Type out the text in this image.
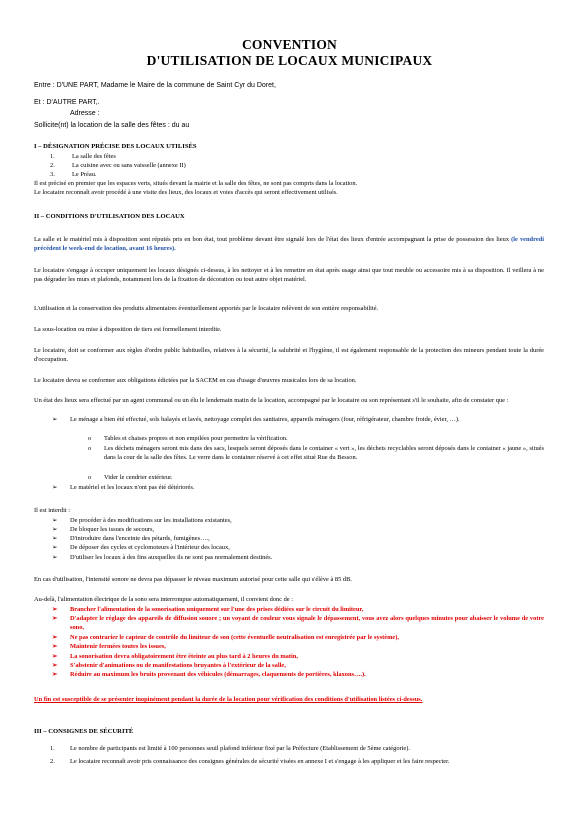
CONVENTION
D'UTILISATION DE LOCAUX MUNICIPAUX
Entre : D'UNE PART, Madame le Maire de la commune de Saint Cyr du Doret,
Et : D'AUTRE PART,.
Adresse :
Sollicite(nt) la location de la salle des fêtes : du au
I – DÉSIGNATION PRÉCISE DES LOCAUX UTILISÉS
1.	La salle des fêtes
2.	La cuisine avec ou sans vaisselle (annexe II)
3.	Le Préau.
Il est précisé en premier que les espaces verts, situés devant la mairie et la salle des fêtes, ne sont pas compris dans la location.
Le locataire reconnaît avoir procédé à une visite des lieux, des locaux et voies d'accès qui seront effectivement utilisés.
II – CONDITIONS D'UTILISATION DES LOCAUX
La salle et le matériel mis à disposition sont réputés pris en bon état, tout problème devant être signalé lors de l'état des lieux d'entrée accompagnant la prise de possession des lieux (le vendredi précédent le week-end de location, avant 16 heures).
Le locataire s'engage à occuper uniquement les locaux désignés ci-dessus, à les nettoyer et à les remettre en état après usage ainsi que tout meuble ou accessoire mis à sa disposition. Il veillera à ne pas dégrader les murs et plafonds, notamment lors de la fixation de décoration ou tout autre objet matériel.
L'utilisation et la conservation des produits alimentaires éventuellement apportés par le locataire relèvent de son entière responsabilité.
La sous-location ou mise à disposition de tiers est formellement interdite.
Le locataire, doit se conformer aux règles d'ordre public habituelles, relatives à la sécurité, la salubrité et l'hygiène, il est également responsable de la protection des mineurs pendant toute la durée d'occupation.
Le locataire devra se conformer aux obligations édictées par la SACEM en cas d'usage d'œuvres musicales lors de sa location.
Un état des lieux sera effectué par un agent communal ou un élu le lendemain matin de la location, accompagné par le locataire ou son représentant s'il le souhaite, afin de constater que :
➢ Le ménage a bien été effectué, sols balayés et lavés, nettoyage complet des sanitaires, appareils ménagers (four, réfrigérateur, chambre froide, évier, …).
o Tables et chaises propres et non empilées pour permettre la vérification.
o Les déchets ménagers seront mis dans des sacs, lesquels seront déposés dans le container « vert », les déchets recyclables seront déposés dans le container « jaune », situés dans la cour de la salle des fêtes. Le verre dans le container réservé à cet effet situé Rue du Besson.
o Vider le cendrier extérieur.
➢ Le matériel et les locaux n'ont pas été détériorés.
Il est interdit :
➢ De procéder à des modifications sur les installations existantes,
➢ De bloquer les issues de secours,
➢ D'introduire dans l'enceinte des pétards, fumigènes….,
➢ De déposer des cycles et cyclomoteurs à l'intérieur des locaux,
➢ D'utiliser les locaux à des fins auxquelles ils ne sont pas normalement destinés.
En cas d'utilisation, l'intensité sonore ne devra pas dépasser le niveau maximum autorisé pour cette salle qui s'élève à 85 dB.
Au-delà, l'alimentation électrique de la sono sera interrompue automatiquement, il convient donc de :
➢ Brancher l'alimentation de la sonorisation uniquement sur l'une des prises dédiées sur le circuit du limiteur,
➢ D'adapter le réglage des appareils de diffusion sonore ; un voyant de couleur vous signale le dépassement, vous avez alors quelques minutes pour abaisser le volume de votre sono,
➢ Ne pas contrarier le capteur de contrôle du limiteur de son (cette éventuelle neutralisation est enregistrée par le système),
➢ Maintenir fermées toutes les issues,
➢ La sonorisation devra obligatoirement être éteinte au plus tard à 2 heures du matin,
➢ S'abstenir d'animations ou de manifestations bruyantes à l'extérieur de la salle,
➢ Réduire au maximum les bruits provenant des véhicules (démarrages, claquements de portières, klaxons….).
Un fin est susceptible de se présenter inopinément pendant la durée de la location pour vérification des conditions d'utilisation listées ci-dessus.
III – CONSIGNES DE SÉCURITÉ
1. Le nombre de participants est limité à 100 personnes seuil plafond inférieur fixé par la Préfecture (Etablissement de 5ème catégorie).
2. Le locataire reconnaît avoir pris connaissance des consignes générales de sécurité visées en annexe I et s'engage à les appliquer et les faire respecter.
